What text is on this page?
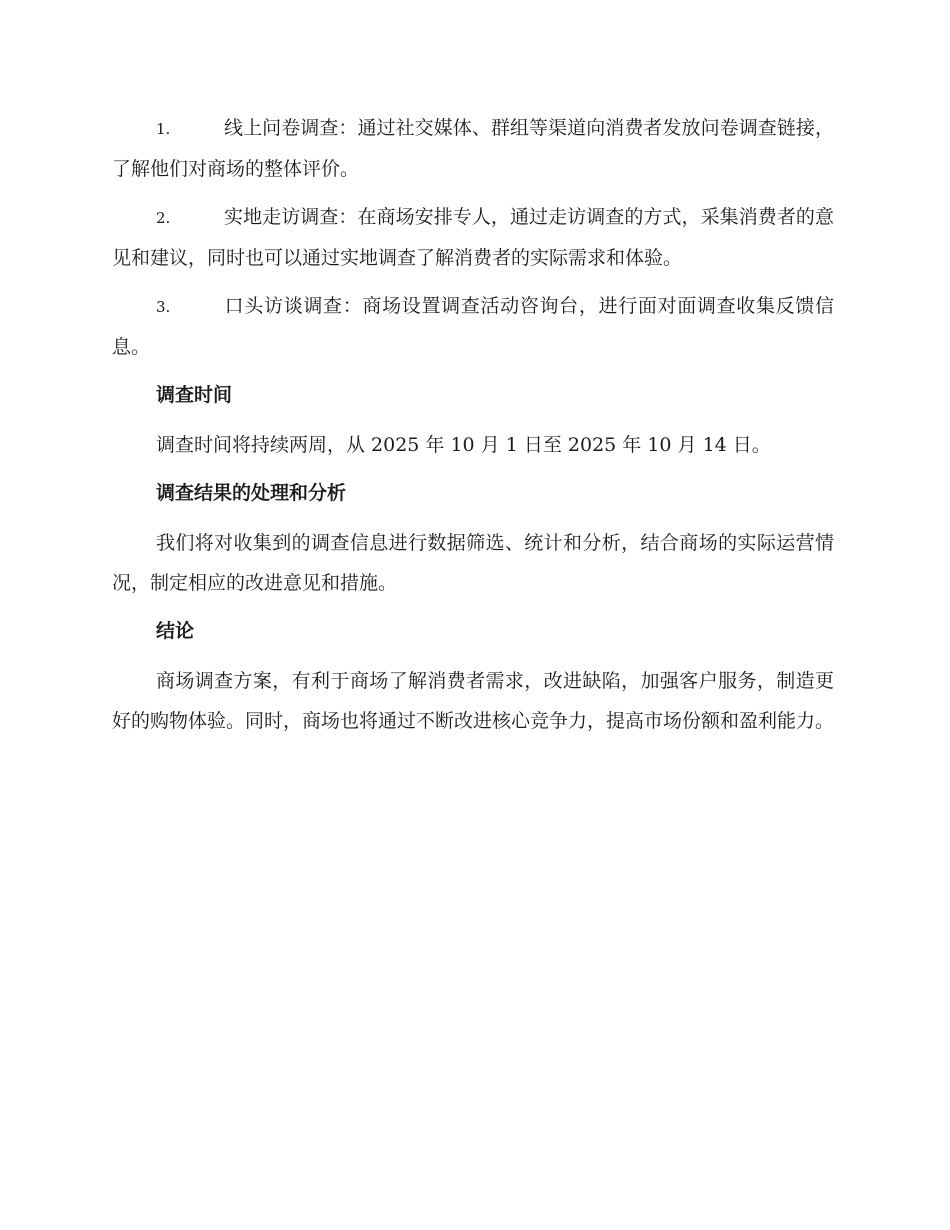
1.	线上问卷调查：通过社交媒体、群组等渠道向消费者发放问卷调查链接，了解他们对商场的整体评价。

2.	实地走访调查：在商场安排专人，通过走访调查的方式，采集消费者的意见和建议，同时也可以通过实地调查了解消费者的实际需求和体验。

3.	口头访谈调查：商场设置调查活动咨询台，进行面对面调查收集反馈信息。

调查时间

调查时间将持续两周，从 2025 年 10 月 1 日至 2025 年 10 月 14 日。

调查结果的处理和分析

我们将对收集到的调查信息进行数据筛选、统计和分析，结合商场的实际运营情况，制定相应的改进意见和措施。

结论

商场调查方案，有利于商场了解消费者需求，改进缺陷，加强客户服务，制造更好的购物体验。同时，商场也将通过不断改进核心竞争力，提高市场份额和盈利能力。
